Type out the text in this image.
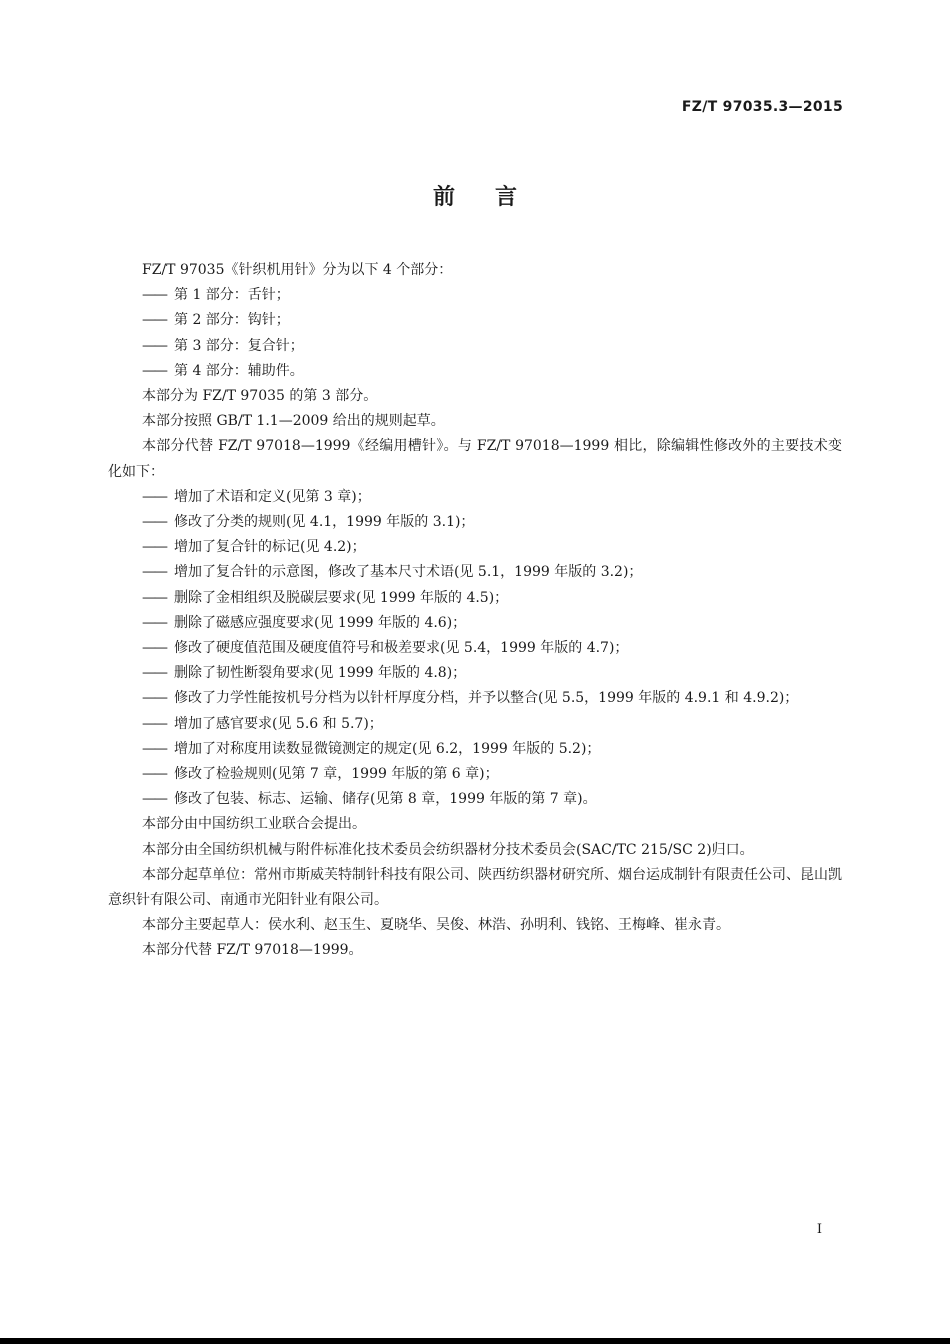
FZ/T 97035.3—2015
前言

FZ/T 97035《针织机用针》分为以下 4 个部分：

—— 第 1 部分：舌针；

—— 第 2 部分：钩针；

—— 第 3 部分：复合针；

—— 第 4 部分：辅助件。

本部分为 FZ/T 97035 的第 3 部分。

本部分按照 GB/T 1.1—2009 给出的规则起草。

本部分代替 FZ/T 97018—1999《经编用槽针》。与 FZ/T 97018—1999 相比，除编辑性修改外的主要技术变化如下：

—— 增加了术语和定义(见第 3 章)；

—— 修改了分类的规则(见 4.1，1999 年版的 3.1)；

—— 增加了复合针的标记(见 4.2)；

—— 增加了复合针的示意图，修改了基本尺寸术语(见 5.1，1999 年版的 3.2)；

—— 删除了金相组织及脱碳层要求(见 1999 年版的 4.5)；

—— 删除了磁感应强度要求(见 1999 年版的 4.6)；

—— 修改了硬度值范围及硬度值符号和极差要求(见 5.4，1999 年版的 4.7)；

—— 删除了韧性断裂角要求(见 1999 年版的 4.8)；

—— 修改了力学性能按机号分档为以针杆厚度分档，并予以整合(见 5.5，1999 年版的 4.9.1 和 4.9.2)；

—— 增加了感官要求(见 5.6 和 5.7)；

—— 增加了对称度用读数显微镜测定的规定(见 6.2，1999 年版的 5.2)；

—— 修改了检验规则(见第 7 章，1999 年版的第 6 章)；

—— 修改了包装、标志、运输、储存(见第 8 章，1999 年版的第 7 章)。

本部分由中国纺织工业联合会提出。

本部分由全国纺织机械与附件标准化技术委员会纺织器材分技术委员会(SAC/TC 215/SC 2)归口。

本部分起草单位：常州市斯威芙特制针科技有限公司、陕西纺织器材研究所、烟台运成制针有限责任公司、昆山凯意织针有限公司、南通市光阳针业有限公司。

本部分主要起草人：侯水利、赵玉生、夏晓华、吴俊、林浩、孙明利、钱铭、王梅峰、崔永青。

本部分代替 FZ/T 97018—1999。

I
